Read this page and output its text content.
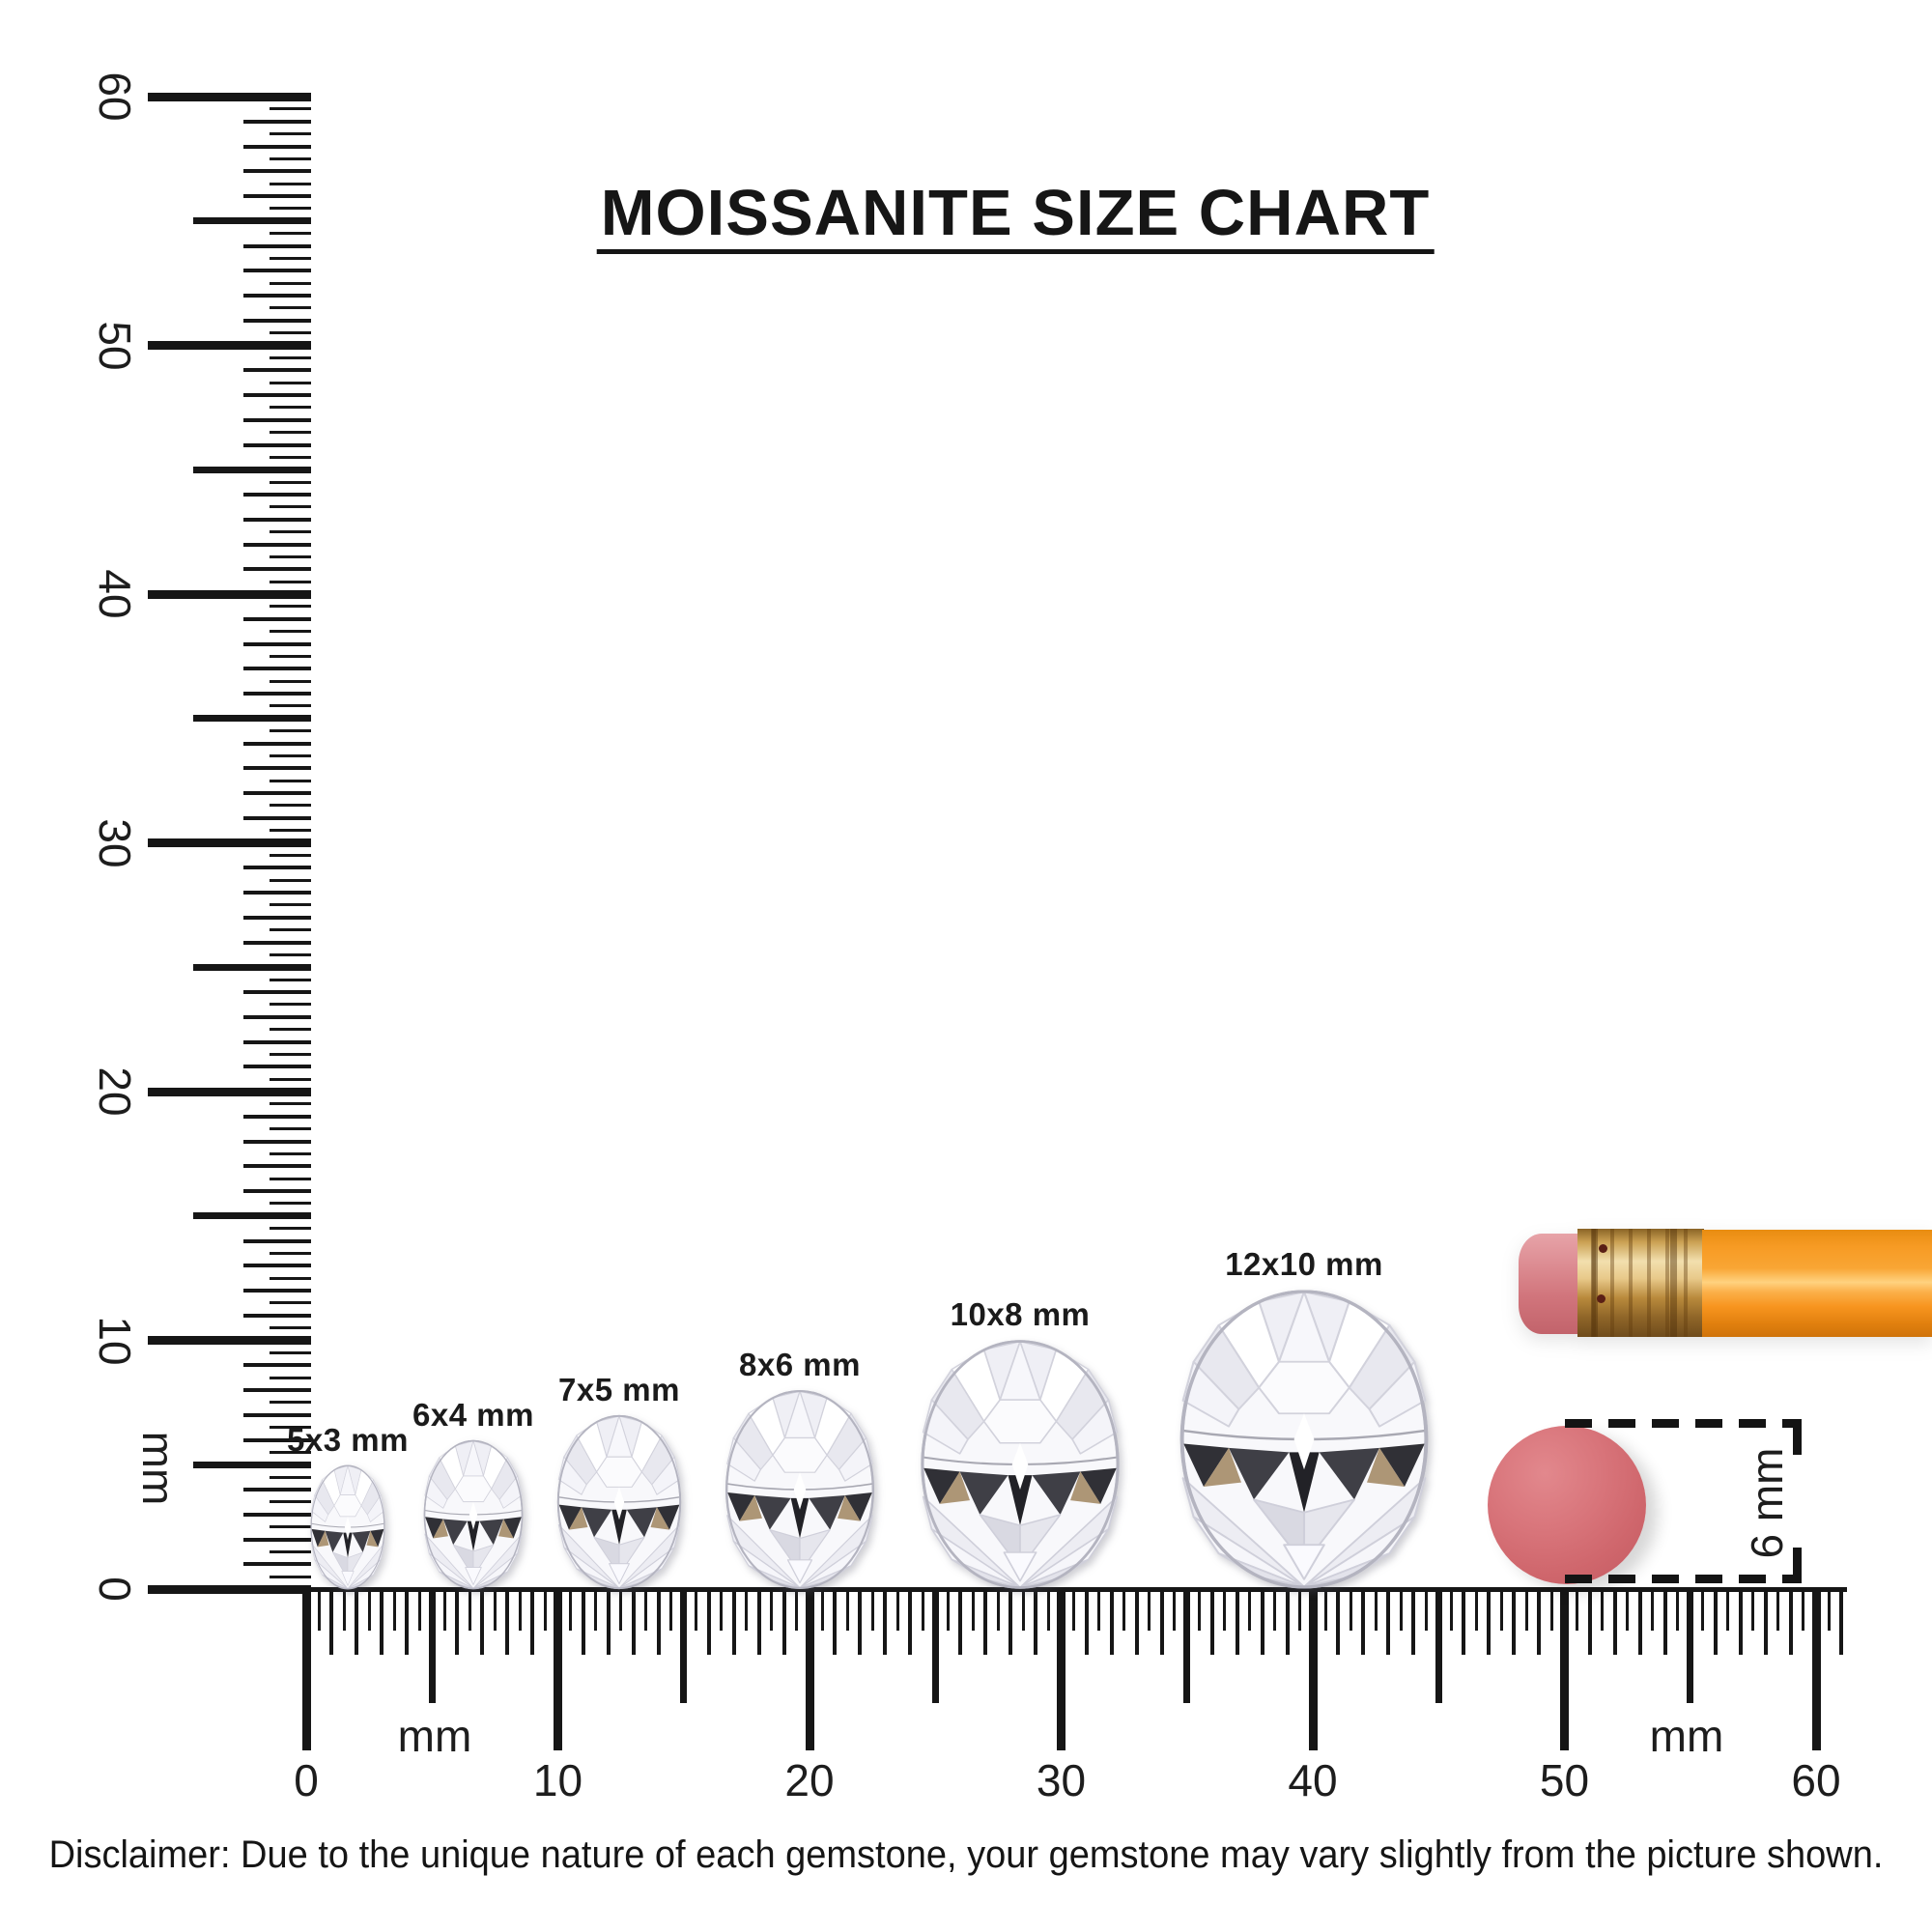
MOISSANITE SIZE CHART
mm
0
10
20
30
40
50
60
mm	mm
0	10	20	30	40	50	60
5x3 mm
6x4 mm
7x5 mm
8x6 mm
10x8 mm
12x10 mm
6 mm
Disclaimer: Due to the unique nature of each gemstone, your gemstone may vary slightly from the picture shown.
